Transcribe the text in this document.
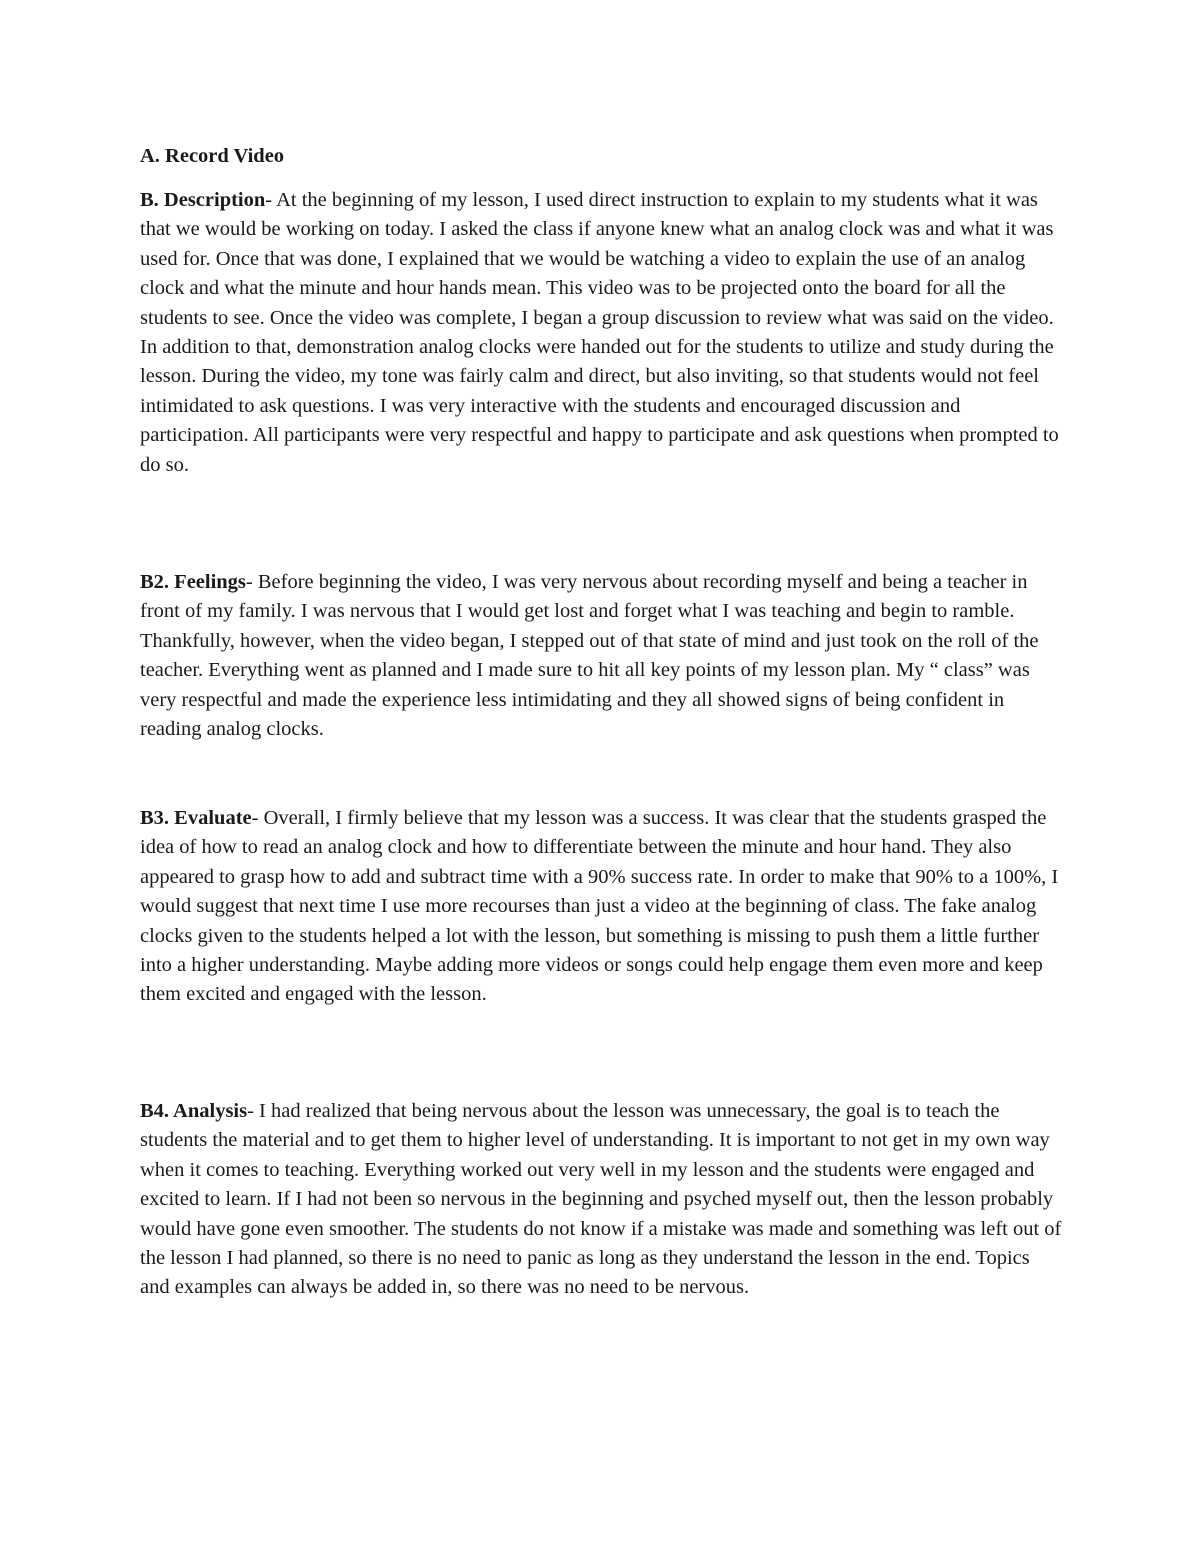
A. Record Video

B. Description- At the beginning of my lesson, I used direct instruction to explain to my students what it was that we would be working on today. I asked the class if anyone knew what an analog clock was and what it was used for. Once that was done, I explained that we would be watching a video to explain the use of an analog clock and what the minute and hour hands mean. This video was to be projected onto the board for all the students to see. Once the video was complete, I began a group discussion to review what was said on the video. In addition to that, demonstration analog clocks were handed out for the students to utilize and study during the lesson. During the video, my tone was fairly calm and direct, but also inviting, so that students would not feel intimidated to ask questions. I was very interactive with the students and encouraged discussion and participation. All participants were very respectful and happy to participate and ask questions when prompted to do so.

B2. Feelings- Before beginning the video, I was very nervous about recording myself and being a teacher in front of my family. I was nervous that I would get lost and forget what I was teaching and begin to ramble. Thankfully, however, when the video began, I stepped out of that state of mind and just took on the roll of the teacher. Everything went as planned and I made sure to hit all key points of my lesson plan. My “ class” was very respectful and made the experience less intimidating and they all showed signs of being confident in reading analog clocks.

B3. Evaluate- Overall, I firmly believe that my lesson was a success. It was clear that the students grasped the idea of how to read an analog clock and how to differentiate between the minute and hour hand. They also appeared to grasp how to add and subtract time with a 90% success rate. In order to make that 90% to a 100%, I would suggest that next time I use more recourses than just a video at the beginning of class. The fake analog clocks given to the students helped a lot with the lesson, but something is missing to push them a little further into a higher understanding. Maybe adding more videos or songs could help engage them even more and keep them excited and engaged with the lesson.

B4. Analysis- I had realized that being nervous about the lesson was unnecessary, the goal is to teach the students the material and to get them to higher level of understanding. It is important to not get in my own way when it comes to teaching. Everything worked out very well in my lesson and the students were engaged and excited to learn. If I had not been so nervous in the beginning and psyched myself out, then the lesson probably would have gone even smoother. The students do not know if a mistake was made and something was left out of the lesson I had planned, so there is no need to panic as long as they understand the lesson in the end. Topics and examples can always be added in, so there was no need to be nervous.
